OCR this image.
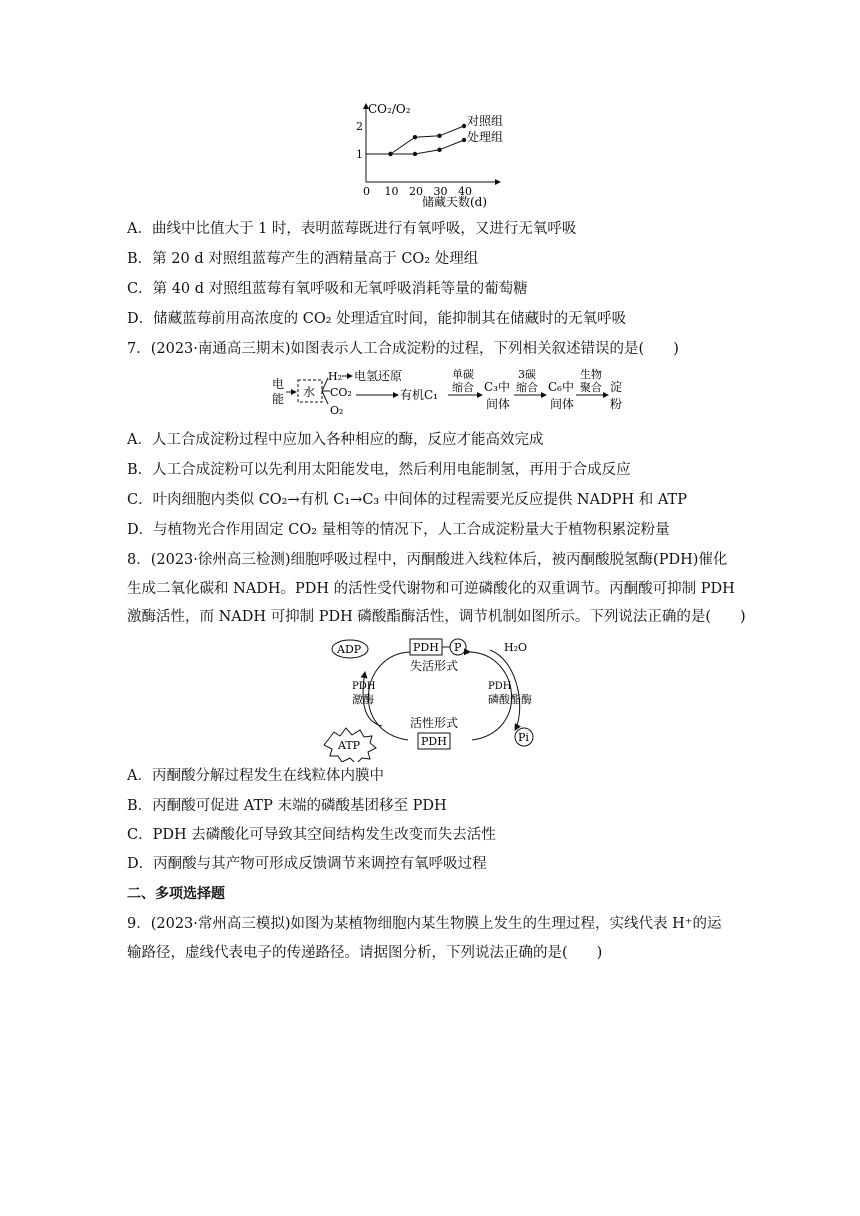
CO₂/O₂
储藏天数(d)
0 10 20 30 40
1
2	对照组
处理组
A．曲线中比值大于 1 时，表明蓝莓既进行有氧呼吸，又进行无氧呼吸
B．第 20 d 对照组蓝莓产生的酒精量高于 CO₂ 处理组
C．第 40 d 对照组蓝莓有氧呼吸和无氧呼吸消耗等量的葡萄糖
D．储藏蓝莓前用高浓度的 CO₂ 处理适宜时间，能抑制其在储藏时的无氧呼吸
7．(2023·南通高三期末)如图表示人工合成淀粉的过程，下列相关叙述错误的是(　　)
电
能 水
H₂
CO₂
O₂
电氢还原
有机C₁
单碳
缩合 C₃中
间体
3碳
缩合 C₆中
间体
生物
聚合 淀
粉
A．人工合成淀粉过程中应加入各种相应的酶，反应才能高效完成
B．人工合成淀粉可以先利用太阳能发电，然后利用电能制氢，再用于合成反应
C．叶肉细胞内类似 CO₂→有机 C₁→C₃ 中间体的过程需要光反应提供 NADPH 和 ATP
D．与植物光合作用固定 CO₂ 量相等的情况下，人工合成淀粉量大于植物积累淀粉量
8．(2023·徐州高三检测)细胞呼吸过程中，丙酮酸进入线粒体后，被丙酮酸脱氢酶(PDH)催化
生成二氧化碳和 NADH。PDH 的活性受代谢物和可逆磷酸化的双重调节。丙酮酸可抑制 PDH
激酶活性，而 NADH 可抑制 PDH 磷酸酯酶活性，调节机制如图所示。下列说法正确的是(　　)
ADP	PDH P
失活形式
H₂O
PDH
激酶
PDH
磷酸酯酶
活性形式
PDH
ATP
Pi
A．丙酮酸分解过程发生在线粒体内膜中
B．丙酮酸可促进 ATP 末端的磷酸基团移至 PDH
C．PDH 去磷酸化可导致其空间结构发生改变而失去活性
D．丙酮酸与其产物可形成反馈调节来调控有氧呼吸过程
二、多项选择题
9．(2023·常州高三模拟)如图为某植物细胞内某生物膜上发生的生理过程，实线代表 H⁺的运
输路径，虚线代表电子的传递路径。请据图分析，下列说法正确的是(　　)
